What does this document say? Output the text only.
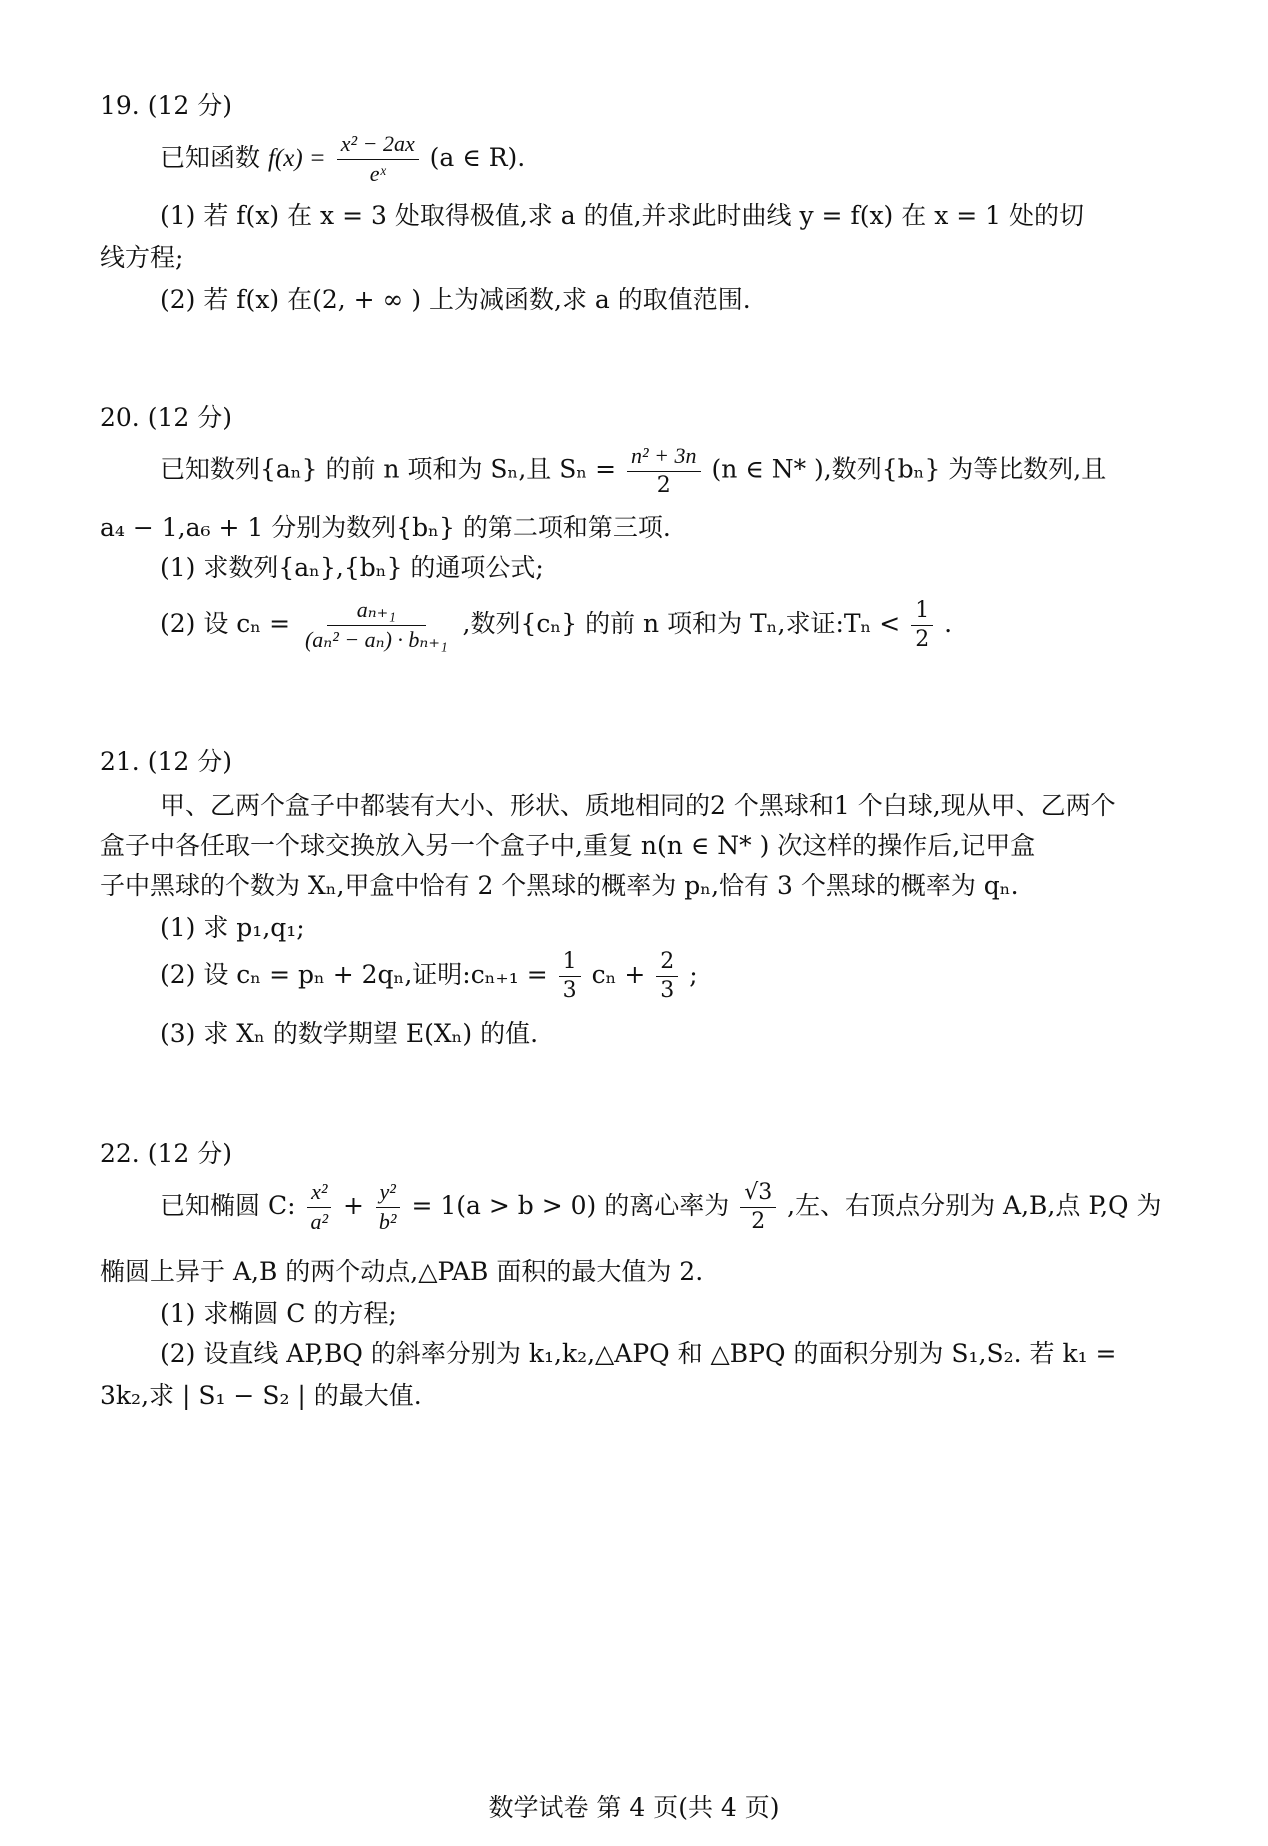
19. (12 分)
已知函数 $f(x) = \frac{\text{x² − 2ax}}{\text{eˣ}} (a$ ∈ R).
(1) 若 f(x) 在 x = 3 处取得极值,求 a 的值,并求此时曲线 y = f(x) 在 x = 1 处的切
线方程;
(2) 若 f(x) 在(2, + ∞ ) 上为减函数,求 a 的取值范围.
20. (12 分)
已知数列{aₙ} 的前 n 项和为 Sₙ,且 $S_n = \frac{\text{n² + 3n}}{2} (n$ ∈ N* ),数列{bₙ} 为等比数列,且
a₄ − 1,a₆ + 1 分别为数列{bₙ} 的第二项和第三项.
(1) 求数列{aₙ},{bₙ} 的通项公式;
(2) 设 $c_n = \frac{\text{aₙ₊₁}}{\text{(aₙ² − aₙ) · bₙ₊₁}}$ ,数列{cₙ} 的前 n 项和为 Tₙ,求证:Tₙ < $\frac{1}{2}$ .
21. (12 分)
甲、乙两个盒子中都装有大小、形状、质地相同的2 个黑球和1 个白球,现从甲、乙两个
盒子中各任取一个球交换放入另一个盒子中,重复 n(n ∈ N* ) 次这样的操作后,记甲盒
子中黑球的个数为 Xₙ,甲盒中恰有 2 个黑球的概率为 pₙ,恰有 3 个黑球的概率为 qₙ.
(1) 求 p₁,q₁;
(2) 设 cₙ = pₙ + 2qₙ,证明:cₙ₊₁ = $\frac{1}{3}$ $c_n + \frac{2}{3}$ ;
(3) 求 Xₙ 的数学期望 E(Xₙ) 的值.
22. (12 分)
已知椭圆 C: $\frac{\text{x²}}{\text{a²}} + \frac{\text{y²}}{\text{b²}} = 1(a > b > 0)$ 的离心率为 $\frac{√3}{2}$ ,左、右顶点分别为 A,B,点 P,Q 为
椭圆上异于 A,B 的两个动点,△PAB 面积的最大值为 2.
(1) 求椭圆 C 的方程;
(2) 设直线 AP,BQ 的斜率分别为 k₁,k₂,△APQ 和 △BPQ 的面积分别为 S₁,S₂. 若 k₁ =
3k₂,求 | S₁ − S₂ | 的最大值.
数学试卷 第 4 页(共 4 页)
